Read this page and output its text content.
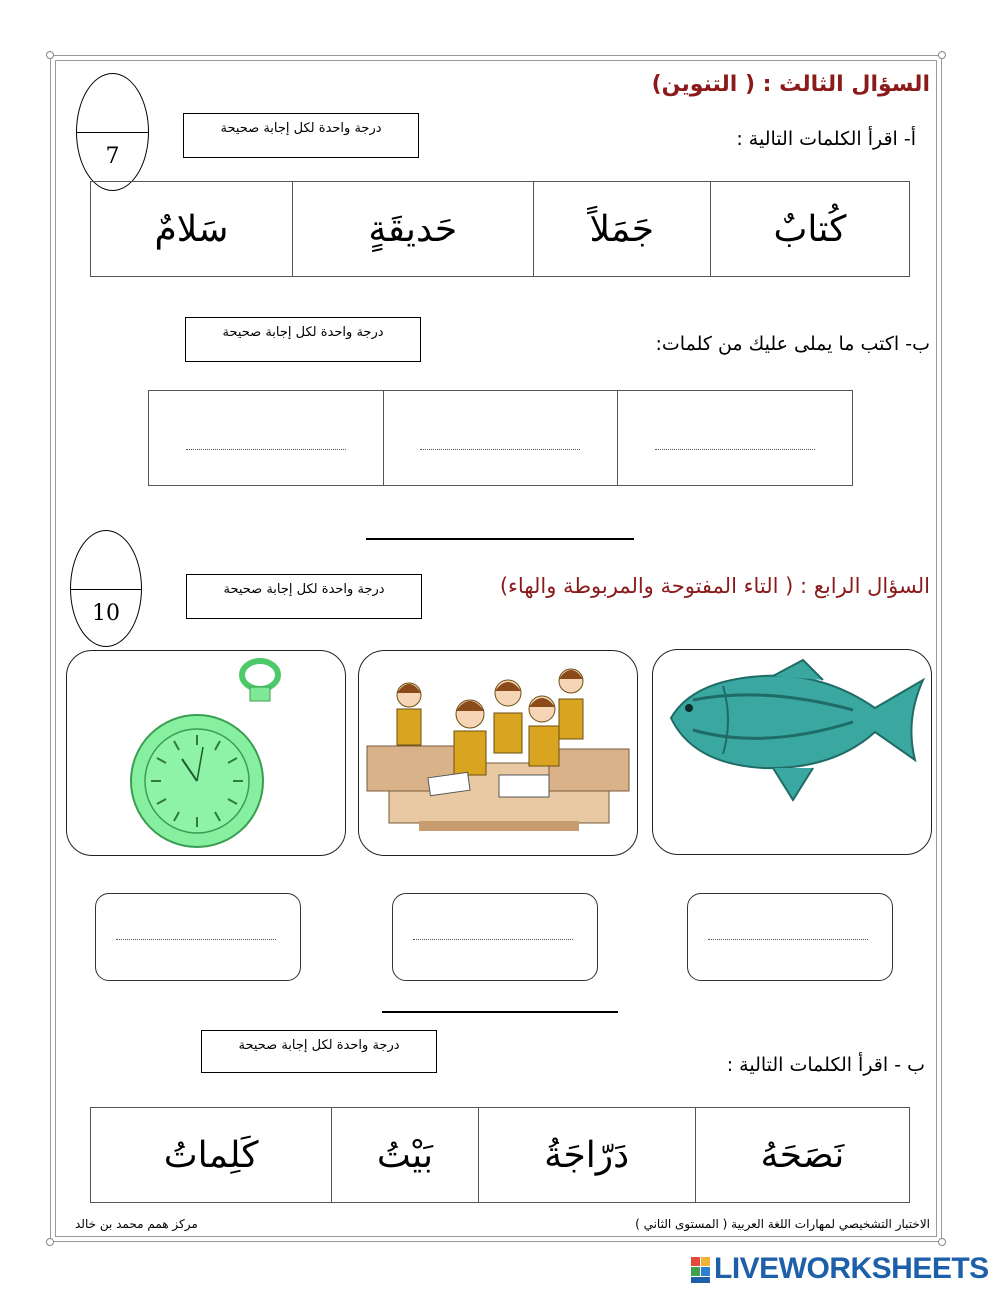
السؤال الثالث : ( التنوين)
7
درجة واحدة لكل إجابة صحيحة	أ- اقرأ الكلمات التالية :
كُتابٌ	جَمَلاً	حَديقَةٍ	سَلامٌ
درجة واحدة لكل إجابة صحيحة
ب- اكتب ما يملى عليك من كلمات:

10
درجة واحدة لكل إجابة صحيحة	السؤال الرابع : ( التاء المفتوحة والمربوطة والهاء)
درجة واحدة لكل إجابة صحيحة
ب - اقرأ الكلمات التالية :
نَصَحَهُ	دَرّاجَةُ	بَيْتُ	كَلِماتُ
الاختبار التشخيصي لمهارات اللغة العربية ( المستوى الثاني )
مركز همم محمد بن خالد
LIVEWORKSHEETS
